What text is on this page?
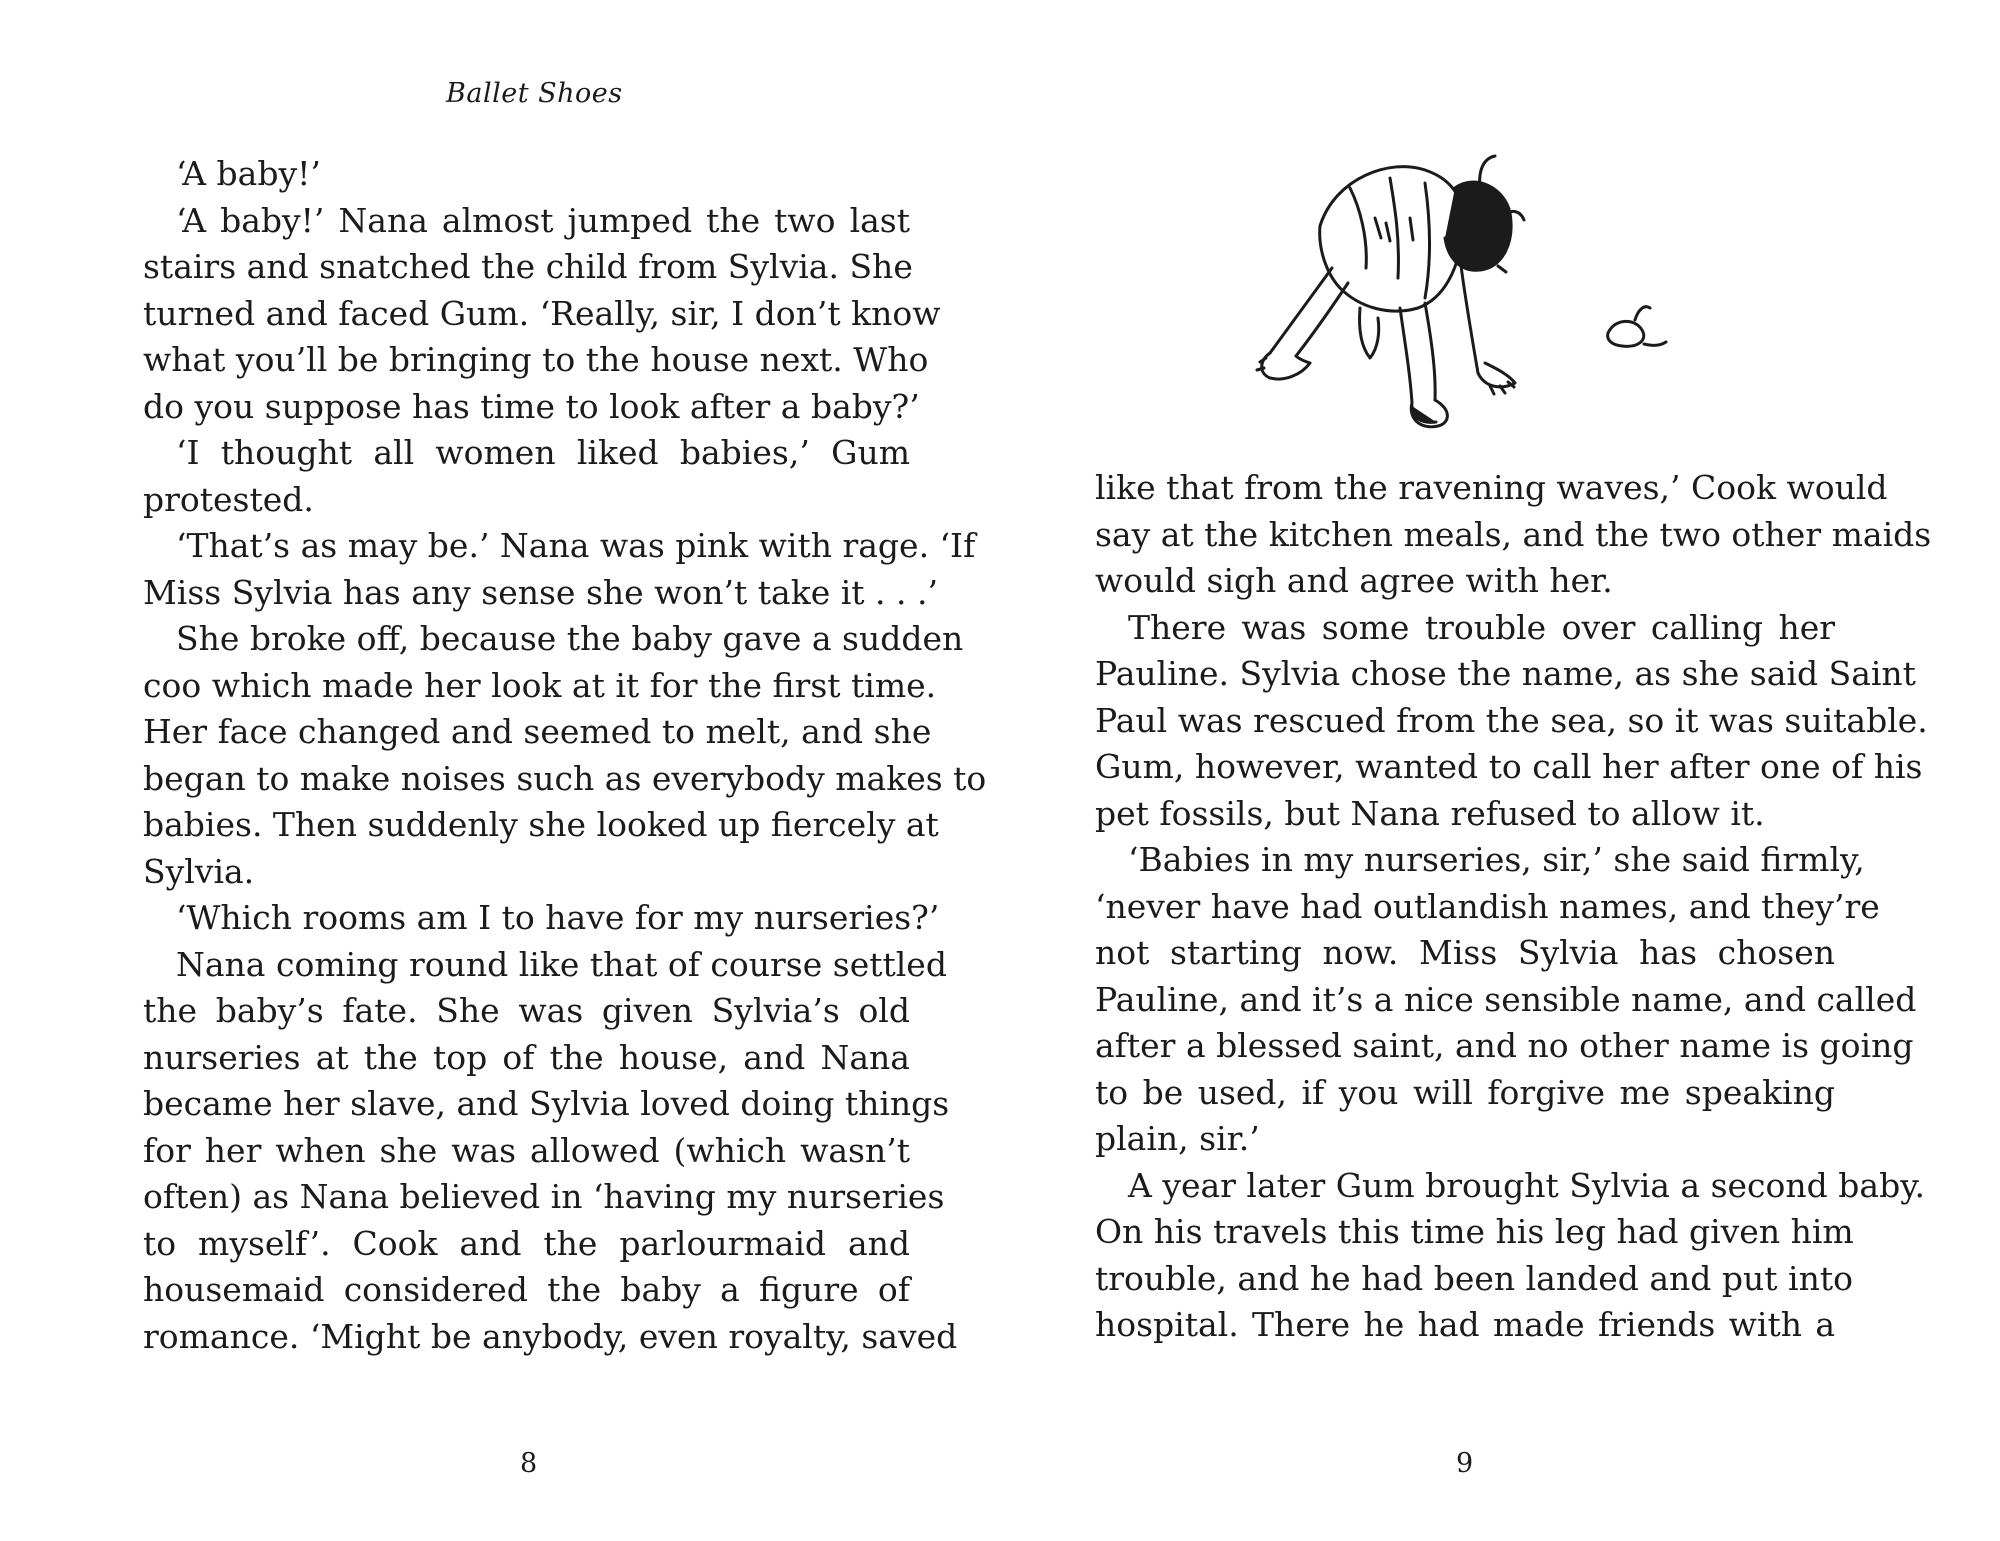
Ballet Shoes
‘A baby!’
‘A baby!’ Nana almost jumped the two last
stairs and snatched the child from Sylvia. She
turned and faced Gum. ‘Really, sir, I don’t know
what you’ll be bringing to the house next. Who
do you suppose has time to look after a baby?’
‘I thought all women liked babies,’ Gum
protested.
‘That’s as may be.’ Nana was pink with rage. ‘If
Miss Sylvia has any sense she won’t take it . . .’
She broke off, because the baby gave a sudden
coo which made her look at it for the first time.
Her face changed and seemed to melt, and she
began to make noises such as everybody makes to
babies. Then suddenly she looked up fiercely at
Sylvia.
‘Which rooms am I to have for my nurseries?’
Nana coming round like that of course settled
the baby’s fate. She was given Sylvia’s old
nurseries at the top of the house, and Nana
became her slave, and Sylvia loved doing things
for her when she was allowed (which wasn’t
often) as Nana believed in ‘having my nurseries
to myself’. Cook and the parlourmaid and
housemaid considered the baby a figure of
romance. ‘Might be anybody, even royalty, saved
8
like that from the ravening waves,’ Cook would
say at the kitchen meals, and the two other maids
would sigh and agree with her.
There was some trouble over calling her
Pauline. Sylvia chose the name, as she said Saint
Paul was rescued from the sea, so it was suitable.
Gum, however, wanted to call her after one of his
pet fossils, but Nana refused to allow it.
‘Babies in my nurseries, sir,’ she said firmly,
‘never have had outlandish names, and they’re
not starting now. Miss Sylvia has chosen
Pauline, and it’s a nice sensible name, and called
after a blessed saint, and no other name is going
to be used, if you will forgive me speaking
plain, sir.’
A year later Gum brought Sylvia a second baby.
On his travels this time his leg had given him
trouble, and he had been landed and put into
hospital. There he had made friends with a
9
